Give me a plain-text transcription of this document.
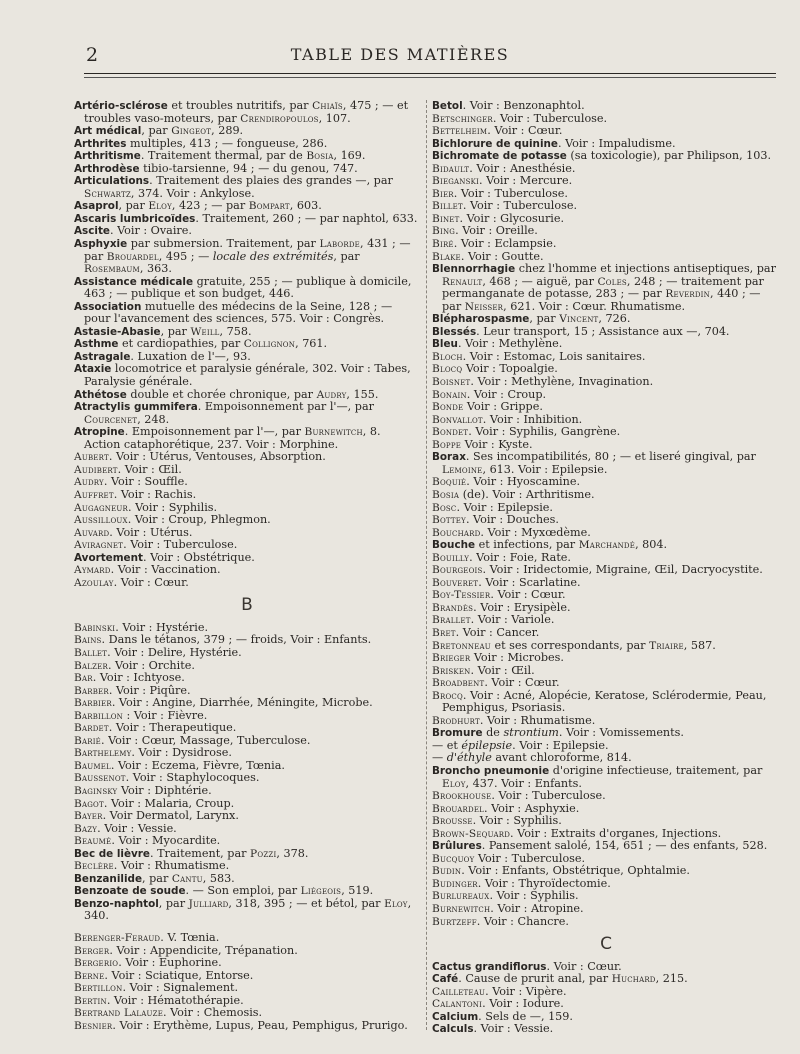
2	TABLE DES MATIÈRES

Artério-sclérose et troubles nutritifs, par Chiaïs, 475 ; — et troubles vaso-moteurs, par Crendiropoulos, 107.

Art médical, par Gingeot, 289.

Arthrites multiples, 413 ; — fongueuse, 286.

Arthritisme. Traitement thermal, par de Bosia, 169.

Arthrodèse tibio-tarsienne, 94 ; — du genou, 747.

Articulations. Traitement des plaies des grandes —, par Schwartz, 374. Voir : Ankylose.

Asaprol, par Eloy, 423 ; — par Bompart, 603.

Ascaris lumbricoïdes. Traitement, 260 ; — par naphtol, 633.

Ascite. Voir : Ovaire.

Asphyxie par submersion. Traitement, par Laborde, 431 ; — par Brouardel, 495 ; — locale des extrémités, par Rosembaum, 363.

Assistance médicale gratuite, 255 ; — publique à domicile, 463 ; — publique et son budget, 446.

Association mutuelle des médecins de la Seine, 128 ; — pour l'avancement des sciences, 575. Voir : Congrès.

Astasie-Abasie, par Weill, 758.

Asthme et cardiopathies, par Collignon, 761.

Astragale. Luxation de l'—, 93.

Ataxie locomotrice et paralysie générale, 302. Voir : Tabes, Paralysie générale.

Athétose double et chorée chronique, par Audry, 155.

Atractylis gummifera. Empoisonnement par l'—, par Courcenet, 248.

Atropine. Empoisonnement par l'—, par Burnewitch, 8. Action cataphorétique, 237. Voir : Morphine.

Aubert. Voir : Utérus, Ventouses, Absorption.

Audibert. Voir : Œil.

Audry. Voir : Souffle.

Auffret. Voir : Rachis.

Augagneur. Voir : Syphilis.

Aussilloux. Voir : Croup, Phlegmon.

Auvard. Voir : Utérus.

Aviragnet. Voir : Tuberculose.

Avortement. Voir : Obstétrique.

Aymard. Voir : Vaccination.

Azoulay. Voir : Cœur.

B

Babinski. Voir : Hystérie.

Bains. Dans le tétanos, 379 ; — froids, Voir : Enfants.

Ballet. Voir : Delire, Hystérie.

Balzer. Voir : Orchite.

Bar. Voir : Ichtyose.

Barber. Voir : Piqûre.

Barbier. Voir : Angine, Diarrhée, Méningite, Microbe.

Barbillon : Voir : Fièvre.

Bardet. Voir : Therapeutique.

Barié. Voir : Cœur, Massage, Tuberculose.

Barthelemy. Voir : Dysidrose.

Baumel. Voir : Eczema, Fièvre, Tœnia.

Baussenot. Voir : Staphylocoques.

Baginsky Voir : Diphtérie.

Bagot. Voir : Malaria, Croup.

Bayer. Voir Dermatol, Larynx.

Bazy. Voir : Vessie.

Beaumé. Voir : Myocardite.

Bec de lièvre. Traitement, par Pozzi, 378.

Beclère. Voir : Rhumatisme.

Benzanilide, par Cantu, 583.

Benzoate de soude. — Son emploi, par Liégeois, 519.

Benzo-naphtol, par Julliard, 318, 395 ; — et bétol, par Eloy, 340.

Berenger-Feraud. V. Tœnia.

Berger. Voir : Appendicite, Trépanation.

Bergerio. Voir : Euphorine.

Berne. Voir : Sciatique, Entorse.

Bertillon. Voir : Signalement.

Bertin. Voir : Hématothérapie.

Bertrand Lalauze. Voir : Chemosis.

Besnier. Voir : Erythème, Lupus, Peau, Pemphigus, Prurigo.

Betol. Voir : Benzonaphtol.

Betschinger. Voir : Tuberculose.

Bettelheim. Voir : Cœur.

Bichlorure de quinine. Voir : Impaludisme.

Bichromate de potasse (sa toxicologie), par Philipson, 103.

Bidault. Voir : Anesthésie.

Bieganski. Voir : Mercure.

Bier. Voir : Tuberculose.

Billet. Voir : Tuberculose.

Binet. Voir : Glycosurie.

Bing. Voir : Oreille.

Biré. Voir : Eclampsie.

Blake. Voir : Goutte.

Blennorrhagie chez l'homme et injections antiseptiques, par Renault, 468 ; — aiguë, par Coles, 248 ; — traitement par permanganate de potasse, 283 ; — par Reverdin, 440 ; — par Neisser, 621. Voir : Cœur. Rhumatisme.

Blépharospasme, par Vincent, 726.

Blessés. Leur transport, 15 ; Assistance aux —, 704.

Bleu. Voir : Methylène.

Bloch. Voir : Estomac, Lois sanitaires.

Blocq Voir : Topoalgie.

Boisnet. Voir : Methylène, Invagination.

Bonain. Voir : Croup.

Bonde Voir : Grippe.

Bonvallot. Voir : Inhibition.

Bondet. Voir : Syphilis, Gangrène.

Boppe Voir : Kyste.

Borax. Ses incompatibilités, 80 ; — et liseré gingival, par Lemoine, 613. Voir : Epilepsie.

Boquié. Voir : Hyoscamine.

Bosia (de). Voir : Arthritisme.

Bosc. Voir : Epilepsie.

Bottey. Voir : Douches.

Bouchard. Voir : Myxœdème.

Bouche et infections, par Marchandé, 804.

Bouilly. Voir : Foie, Rate.

Bourgeois. Voir : Iridectomie, Migraine, Œil, Dacryocystite.

Bouveret. Voir : Scarlatine.

Boy-Tessier. Voir : Cœur.

Brandès. Voir : Erysipèle.

Brallet. Voir : Variole.

Bret. Voir : Cancer.

Bretonneau et ses correspondants, par Triaire, 587.

Brieger Voir : Microbes.

Brisken. Voir : Œil.

Broadbent. Voir : Cœur.

Brocq. Voir : Acné, Alopécie, Keratose, Sclérodermie, Peau, Pemphigus, Psoriasis.

Brodhurt. Voir : Rhumatisme.

Bromure de strontium. Voir : Vomissements.

— et épilepsie. Voir : Epilepsie.

— d'éthyle avant chloroforme, 814.

Broncho pneumonie d'origine infectieuse, traitement, par Eloy, 437. Voir : Enfants.

Brookhouse. Voir : Tuberculose.

Brouardel. Voir : Asphyxie.

Brousse. Voir : Syphilis.

Brown-Sequard. Voir : Extraits d'organes, Injections.

Brûlures. Pansement salolé, 154, 651 ; — des enfants, 528.

Bucquoy Voir : Tuberculose.

Budin. Voir : Enfants, Obstétrique, Ophtalmie.

Budinger. Voir : Thyroïdectomie.

Burlureaux. Voir : Syphilis.

Burnewitch. Voir : Atropine.

Burtzeff. Voir : Chancre.

C

Cactus grandiflorus. Voir : Cœur.

Café. Cause de prurit anal, par Huchard, 215.

Cailleteau. Voir : Vipère.

Calantoni. Voir : Iodure.

Calcium. Sels de —, 159.

Calculs. Voir : Vessie.
